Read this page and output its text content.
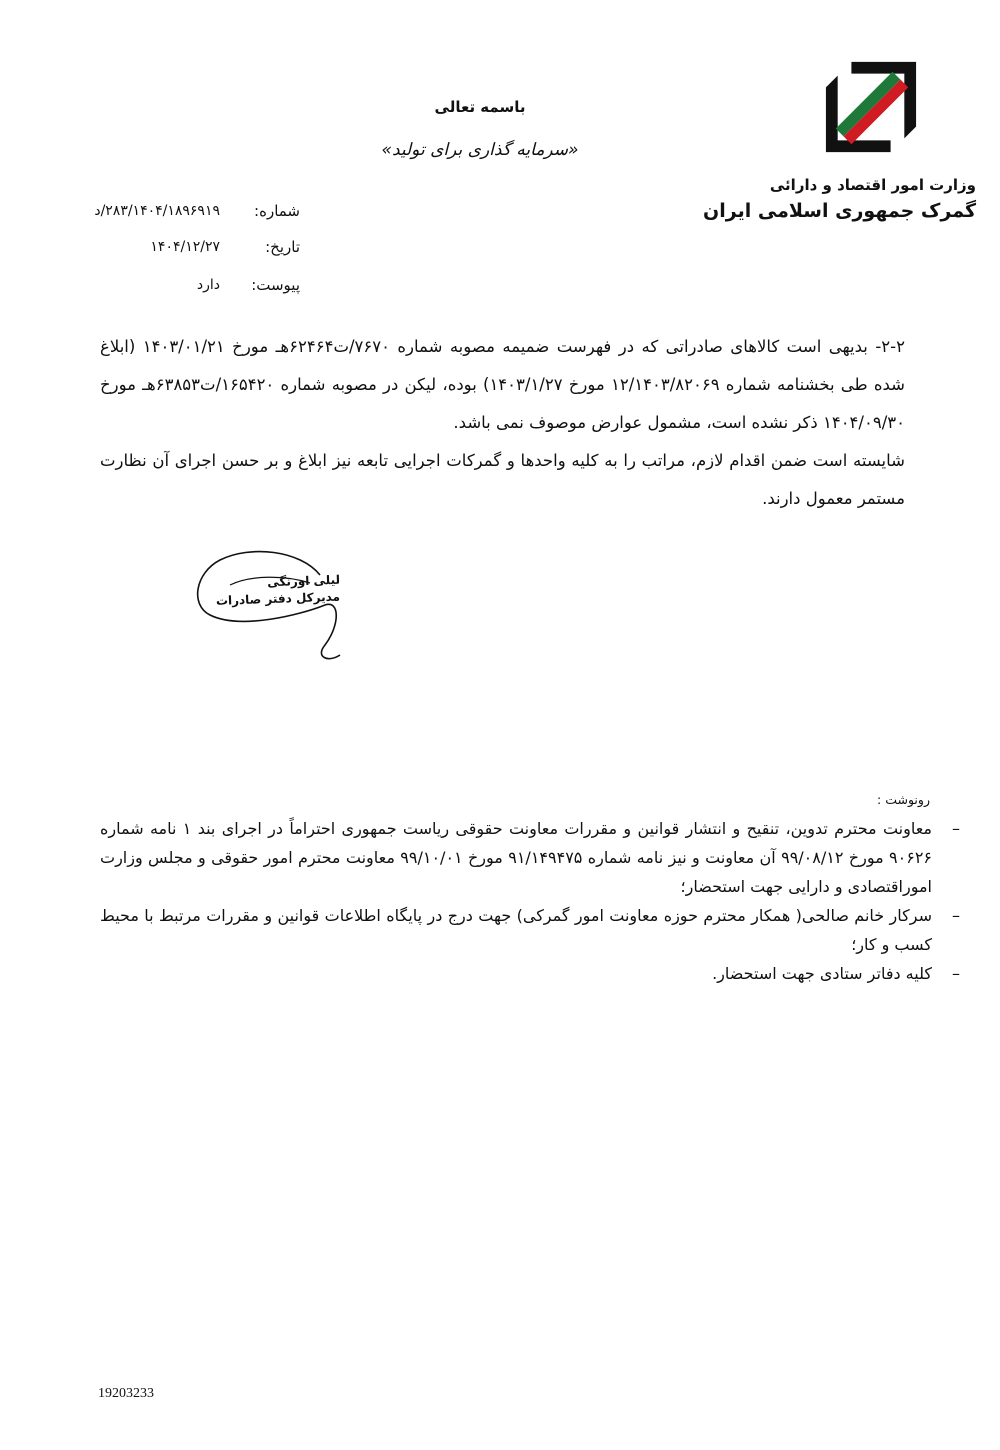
وزارت امور اقتصاد و دارائی
گمرک جمهوری اسلامی ایران
باسمه تعالی
«سرمایه گذاری برای تولید»
شماره:
۲۸۳/۱۴۰۴/۱۸۹۶۹۱۹/د
تاریخ:
۱۴۰۴/۱۲/۲۷
پیوست:
دارد
۲-۲- بدیهی است کالاهای صادراتی که در فهرست ضمیمه مصوبه شماره ۷۶۷۰/ت۶۲۴۶۴هـ مورخ ۱۴۰۳/۰۱/۲۱ (ابلاغ شده طی بخشنامه شماره ۱۲/۱۴۰۳/۸۲۰۶۹ مورخ ۱۴۰۳/۱/۲۷) بوده، لیکن در مصوبه شماره ۱۶۵۴۲۰/ت۶۳۸۵۳هـ مورخ ۱۴۰۴/۰۹/۳۰ ذکر نشده است، مشمول عوارض موصوف نمی باشد.
شایسته است ضمن اقدام لازم، مراتب را به کلیه واحدها و گمرکات اجرایی تابعه نیز ابلاغ و بر حسن اجرای آن نظارت مستمر معمول دارند.
لیلی اورنگی
مدیرکل دفتر صادرات
رونوشت :
–
معاونت محترم تدوین، تنقیح و انتشار قوانین و مقررات معاونت حقوقی ریاست جمهوری احتراماً در اجرای بند ۱ نامه شماره ۹۰۶۲۶ مورخ ۹۹/۰۸/۱۲ آن معاونت و نیز نامه شماره ۹۱/۱۴۹۴۷۵ مورخ ۹۹/۱۰/۰۱ معاونت محترم امور حقوقی و مجلس وزارت اموراقتصادی و دارایی جهت استحضار؛
–
سرکار خانم صالحی( همکار محترم حوزه معاونت امور گمرکی) جهت درج در پایگاه اطلاعات قوانین و مقررات مرتبط با محیط کسب و کار؛
–
کلیه دفاتر ستادی جهت استحضار.
19203233
